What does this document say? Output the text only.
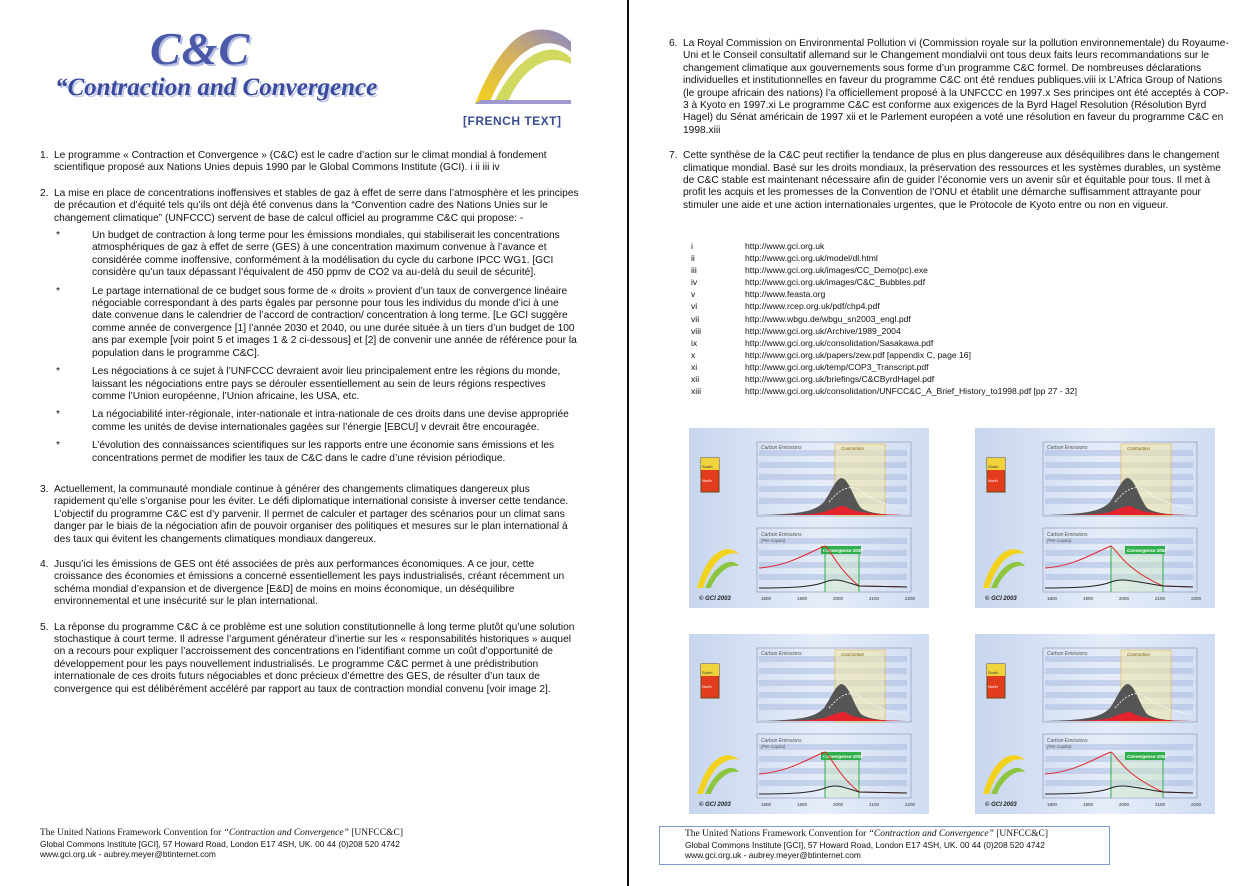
C&C
“Contraction and Convergence
[FRENCH TEXT]
1. Le programme « Contraction et Convergence » (C&C) est le cadre d’action sur le climat mondial à fondement scientifique proposé aux Nations Unies depuis 1990 par le Global Commons Institute (GCI). i ii iii iv
2. La mise en place de concentrations inoffensives et stables de gaz à effet de serre dans l’atmosphère et les principes de précaution et d’équité tels qu’ils ont déjà été convenus dans la “Convention cadre des Nations Unies sur le changement climatique” (UNFCCC) servent de base de calcul officiel au programme C&C qui propose: -
*	Un budget de contraction à long terme pour les émissions mondiales, qui stabiliserait les concentrations atmosphériques de gaz à effet de serre (GES) à une concentration maximum convenue à l’avance et considérée comme inoffensive, conformément à la modélisation du cycle du carbone IPCC WG1. [GCI considère qu’un taux dépassant l’équivalent de 450 ppmv de CO2 va au-delà du seuil de sécurité].
*	Le partage international de ce budget sous forme de « droits » provient d’un taux de convergence linéaire négociable correspondant à des parts égales par personne pour tous les individus du monde d’ici à une date convenue dans le calendrier de l’accord de contraction/ concentration à long terme. [Le GCI suggère comme année de convergence [1] l’année 2030 et 2040, ou une durée située à un tiers d’un budget de 100 ans par exemple [voir point 5 et images 1 & 2 ci-dessous] et [2] de convenir une année de référence pour la population dans le programme C&C].
*	Les négociations à ce sujet à l’UNFCCC devraient avoir lieu principalement entre les régions du monde, laissant les négociations entre pays se dérouler essentiellement au sein de leurs régions respectives comme l’Union européenne, l’Union africaine, les USA, etc.
*	La négociabilité inter-régionale, inter-nationale et intra-nationale de ces droits dans une devise appropriée comme les unités de devise internationales gagées sur l’énergie [EBCU] v devrait être encouragée.
*	L’évolution des connaissances scientifiques sur les rapports entre une économie sans émissions et les concentrations permet de modifier les taux de C&C dans le cadre d’une révision périodique.
3. Actuellement, la communauté mondiale continue à générer des changements climatiques dangereux plus rapidement qu’elle s’organise pour les éviter. Le défi diplomatique international consiste à inverser cette tendance. L’objectif du programme C&C est d’y parvenir. Il permet de calculer et partager des scénarios pour un climat sans danger par le biais de la négociation afin de pouvoir organiser des politiques et mesures sur le plan international à des taux qui évitent les changements climatiques mondiaux dangereux.
4. Jusqu’ici les émissions de GES ont été associées de près aux performances économiques. A ce jour, cette croissance des économies et émissions a concerné essentiellement les pays industrialisés, créant récemment un schéma mondial d’expansion et de divergence [E&D] de moins en moins économique, un déséquilibre environnemental et une insécurité sur le plan international.
5. La réponse du programme C&C à ce problème est une solution constitutionnelle à long terme plutôt qu’une solution stochastique à court terme. Il adresse l’argument générateur d’inertie sur les « responsabilités historiques » auquel on a recours pour expliquer l’accroissement des concentrations en l’identifiant comme un coût d’opportunité de développement pour les pays nouvellement industrialisés. Le programme C&C permet à une prédistribution internationale de ces droits futurs négociables et donc précieux d’émettre des GES, de résulter d’un taux de convergence qui est délibérément accéléré par rapport au taux de contraction mondial convenu [voir image 2].
The United Nations Framework Convention for “Contraction and Convergence” [UNFCC&C]
Global Commons Institute [GCI], 57 Howard Road, London E17 4SH, UK. 00 44 (0)208 520 4742
www.gci.org.uk - aubrey.meyer@btinternet.com
6. La Royal Commission on Environmental Pollution vi (Commission royale sur la pollution environnementale) du Royaume-Uni et le Conseil consultatif allemand sur le Changement mondialvii ont tous deux faits leurs recommandations sur le changement climatique aux gouvernements sous forme d’un programme C&C formel. De nombreuses déclarations individuelles et institutionnelles en faveur du programme C&C ont été rendues publiques.viii ix L’Africa Group of Nations (le groupe africain des nations) l’a officiellement proposé à la UNFCCC en 1997.x Ses principes ont été acceptés à COP-3 à Kyoto en 1997.xi Le programme C&C est conforme aux exigences de la Byrd Hagel Resolution (Résolution Byrd Hagel) du Sénat américain de 1997 xii et le Parlement européen a voté une résolution en faveur du programme C&C en 1998.xiii
7. Cette synthèse de la C&C peut rectifier la tendance de plus en plus dangereuse aux déséquilibres dans le changement climatique mondial. Basé sur les droits mondiaux, la préservation des ressources et les systèmes durables, un système de C&C stable est maintenant nécessaire afin de guider l’économie vers un avenir sûr et équitable pour tous. Il met à profit les acquis et les promesses de la Convention de l’ONU et établit une démarche suffisamment attrayante pour stimuler une aide et une action internationales urgentes, que le Protocole de Kyoto entre ou non en vigueur.
i	http://www.gci.org.uk
ii	http://www.gci.org.uk/model/dl.html
iii	http://www.gci.org.uk/images/CC_Demo(pc).exe
iv	http://www.gci.org.uk/images/C&C_Bubbles.pdf
v	http://www.feasta.org
vi	http://www.rcep.org.uk/pdf/chp4.pdf
vii	http://www.wbgu.de/wbgu_sn2003_engl.pdf
viii	http://www.gci.org.uk/Archive/1989_2004
ix	http://www.gci.org.uk/consolidation/Sasakawa.pdf
x	http://www.gci.org.uk/papers/zew.pdf [appendix C, page 16]
xi	http://www.gci.org.uk/temp/COP3_Transcript.pdf
xii	http://www.gci.org.uk/briefings/C&CByrdHagel.pdf
xiii	http://www.gci.org.uk/consolidation/UNFCC&C_A_Brief_History_to1998.pdf [pp 27 - 32]
South
North
Carbon Emissions	Contraction
Carbon Emissions
(Per-Capita)
Convergence 2030
1800	1900	2000	2100	2200
© GCI 2003
South
North
Carbon Emissions	Contraction
Carbon Emissions
(Per-Capita)
Convergence 2050
1800	1900	2000	2100	2200
© GCI 2003
South
North
Carbon Emissions	Contraction
Carbon Emissions
(Per-Capita)
Convergence 2030
1800	1900	2000	2100	2200
© GCI 2003
South
North
Carbon Emissions	Contraction
Carbon Emissions
(Per-Capita)
Convergence 2050
1800	1900	2000	2100	2200
© GCI 2003
The United Nations Framework Convention for “Contraction and Convergence” [UNFCC&C]
Global Commons Institute [GCI], 57 Howard Road, London E17 4SH, UK. 00 44 (0)208 520 4742
www.gci.org.uk - aubrey.meyer@btinternet.com
